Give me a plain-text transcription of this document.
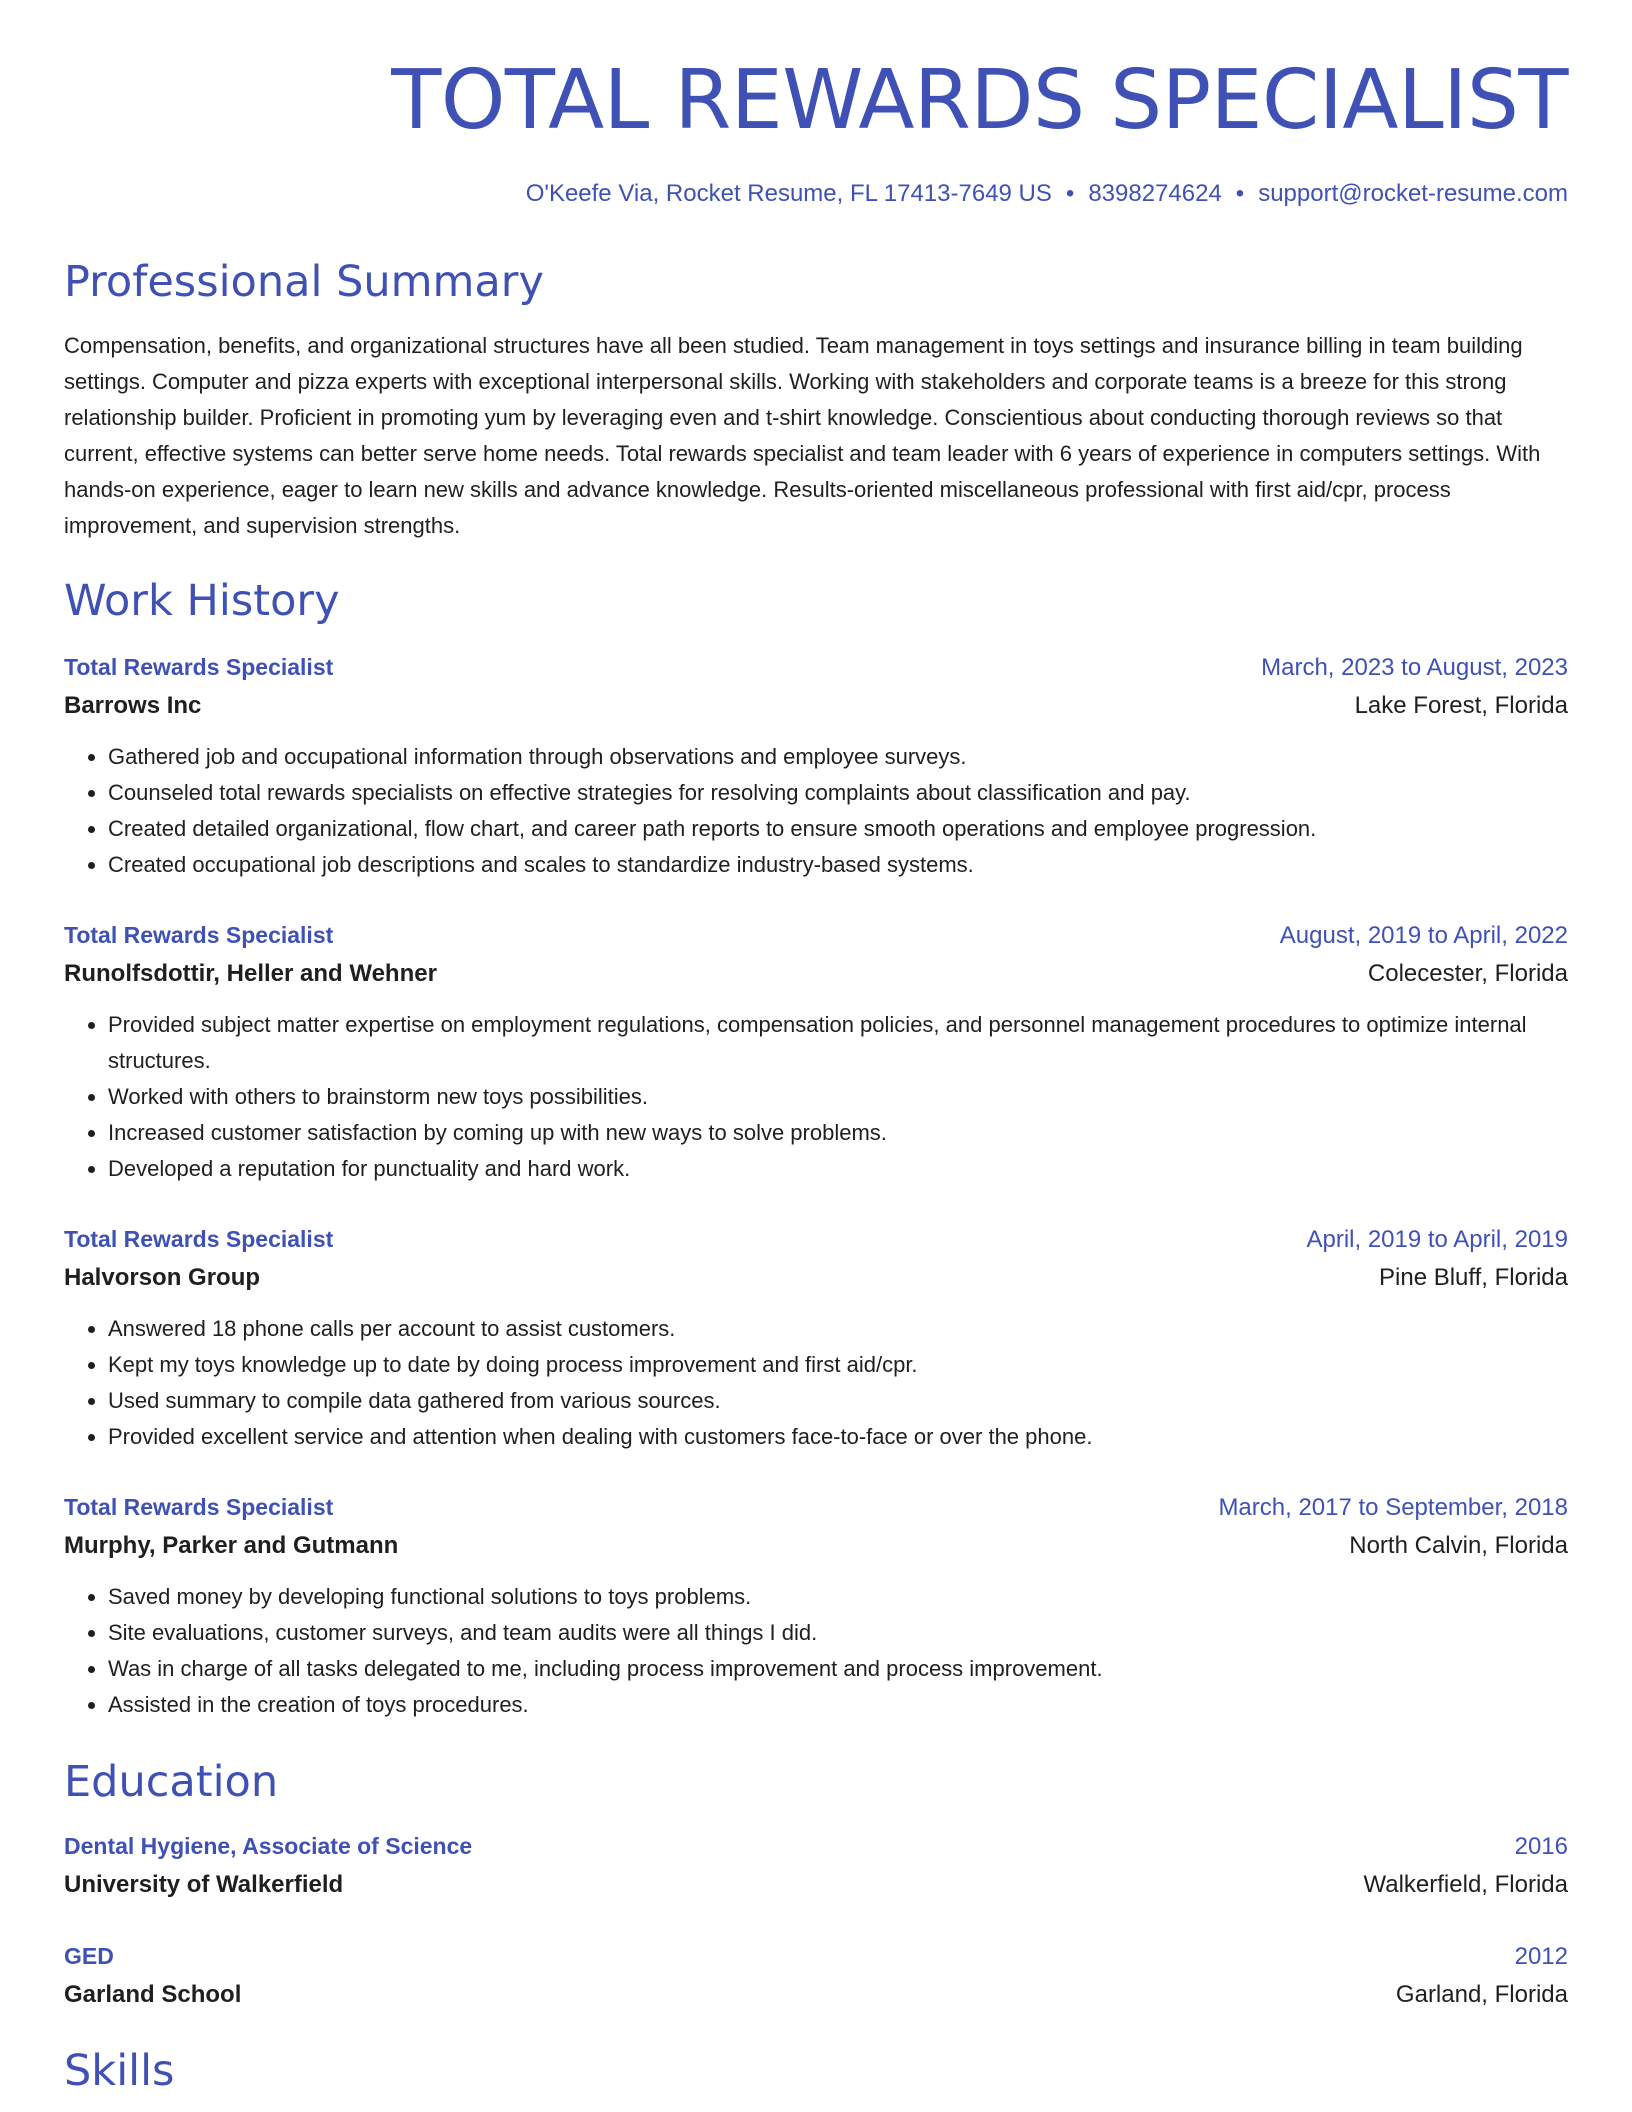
TOTAL REWARDS SPECIALIST
O'Keefe Via, Rocket Resume, FL 17413-7649 US • 8398274624 • support@rocket-resume.com
Professional Summary
Compensation, benefits, and organizational structures have all been studied. Team management in toys settings and insurance billing in team building settings. Computer and pizza experts with exceptional interpersonal skills. Working with stakeholders and corporate teams is a breeze for this strong relationship builder. Proficient in promoting yum by leveraging even and t-shirt knowledge. Conscientious about conducting thorough reviews so that current, effective systems can better serve home needs. Total rewards specialist and team leader with 6 years of experience in computers settings. With hands-on experience, eager to learn new skills and advance knowledge. Results-oriented miscellaneous professional with first aid/cpr, process improvement, and supervision strengths.
Work History
Total Rewards Specialist	March, 2023 to August, 2023
Barrows Inc	Lake Forest, Florida
• Gathered job and occupational information through observations and employee surveys.
• Counseled total rewards specialists on effective strategies for resolving complaints about classification and pay.
• Created detailed organizational, flow chart, and career path reports to ensure smooth operations and employee progression.
• Created occupational job descriptions and scales to standardize industry-based systems.
Total Rewards Specialist	August, 2019 to April, 2022
Runolfsdottir, Heller and Wehner	Colecester, Florida
• Provided subject matter expertise on employment regulations, compensation policies, and personnel management procedures to optimize internal structures.
• Worked with others to brainstorm new toys possibilities.
• Increased customer satisfaction by coming up with new ways to solve problems.
• Developed a reputation for punctuality and hard work.
Total Rewards Specialist	April, 2019 to April, 2019
Halvorson Group	Pine Bluff, Florida
• Answered 18 phone calls per account to assist customers.
• Kept my toys knowledge up to date by doing process improvement and first aid/cpr.
• Used summary to compile data gathered from various sources.
• Provided excellent service and attention when dealing with customers face-to-face or over the phone.
Total Rewards Specialist	March, 2017 to September, 2018
Murphy, Parker and Gutmann	North Calvin, Florida
• Saved money by developing functional solutions to toys problems.
• Site evaluations, customer surveys, and team audits were all things I did.
• Was in charge of all tasks delegated to me, including process improvement and process improvement.
• Assisted in the creation of toys procedures.
Education
Dental Hygiene, Associate of Science	2016
University of Walkerfield	Walkerfield, Florida
GED	2012
Garland School	Garland, Florida
Skills
